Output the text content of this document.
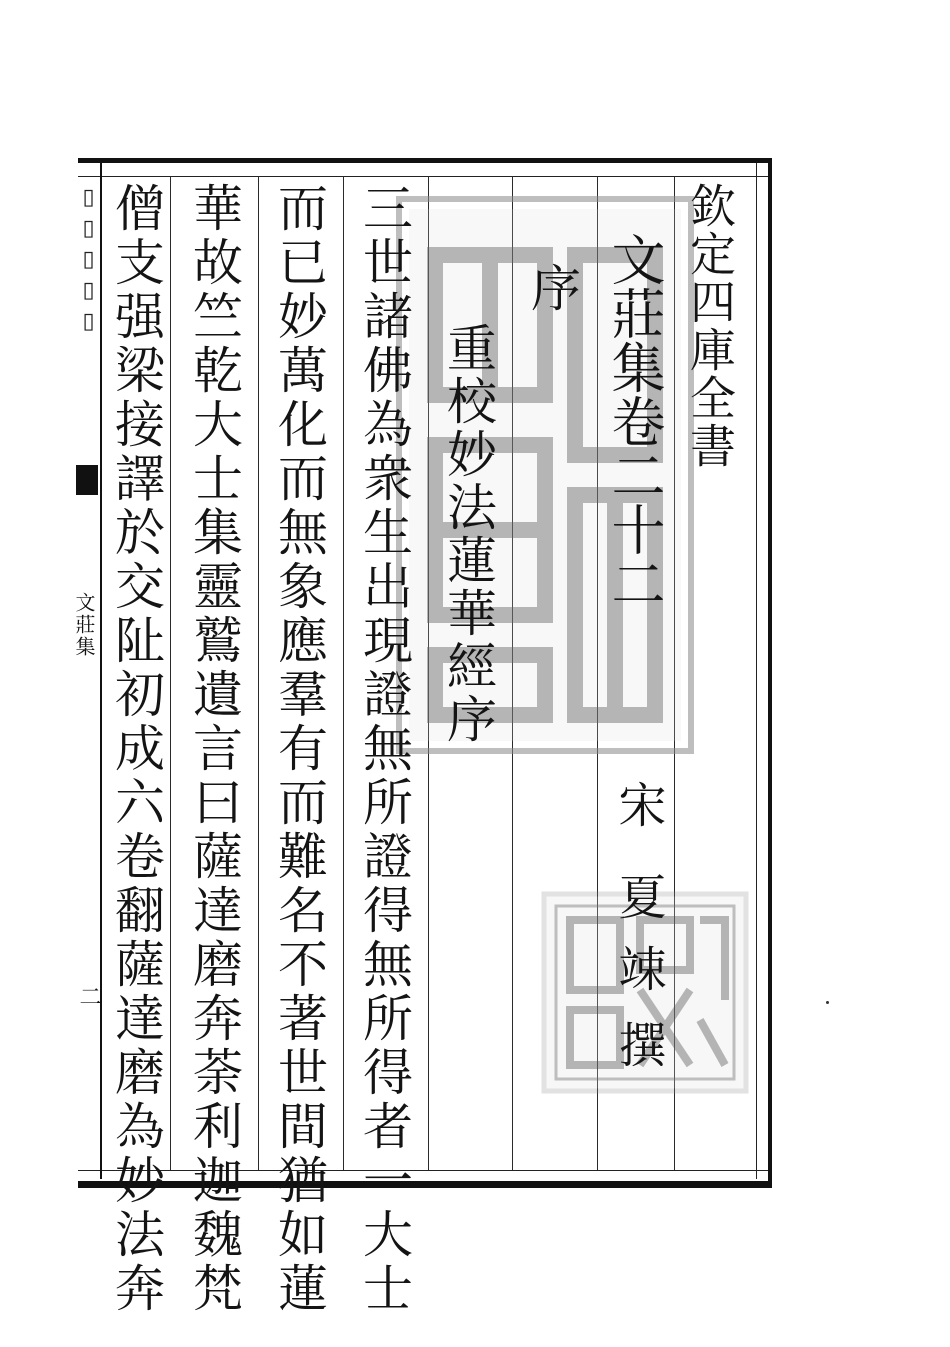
▯▯▯▯▯
文莊集
二
欽定四庫全書
文莊集卷二十二
宋
夏竦
撰
序
重校妙法蓮華經序
三世諸佛為衆生出現證無所證得無所得者一大士
而已妙萬化而無象應羣有而難名不著世間猶如蓮
華故竺乾大士集靈鷲遺言曰薩達磨奔荼利迦魏梵
僧支强梁接譯於交阯初成六卷翻薩達磨為妙法奔
